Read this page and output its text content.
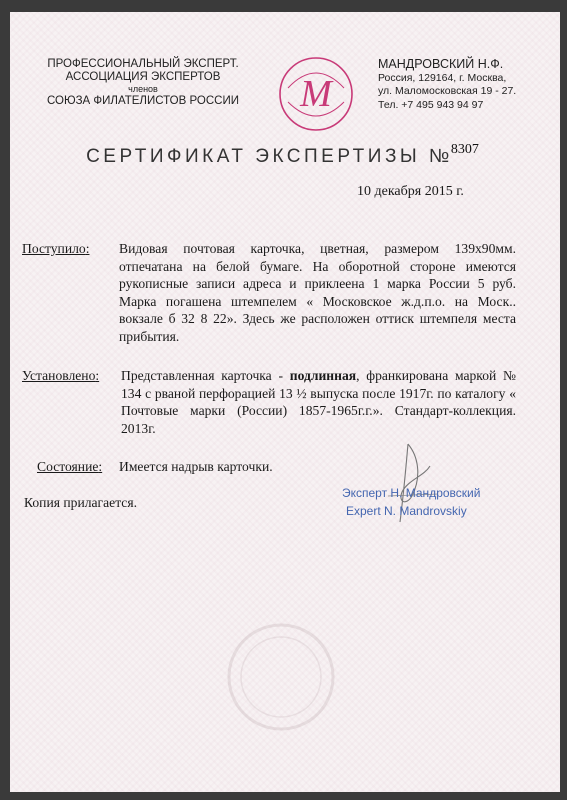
ПРОФЕССИОНАЛЬНЫЙ ЭКСПЕРТ.
АССОЦИАЦИЯ ЭКСПЕРТОВ
членов
СОЮЗА ФИЛАТЕЛИСТОВ РОССИИ	М
МАНДРОВСКИЙ Н.Ф.
Россия, 129164, г. Москва,
ул. Маломосковская 19 - 27.
Тел. +7 495 943 94 97
СЕРТИФИКАТ ЭКСПЕРТИЗЫ №$^{8307}$
10 декабря 2015 г.
Поступило: Видовая почтовая карточка, цветная, размером 139х90мм. отпечатана на белой бумаге. На оборотной стороне имеются рукописные записи адреса и приклеена 1 марка России 5 руб. Марка погашена штемпелем « Московское ж.д.п.о. на Моск.. вокзале б 32 8 22». Здесь же расположен оттиск штемпеля места прибытия.
Установлено: Представленная карточка - подлинная, франкирована маркой № 134 с рваной перфорацией 13 ½ выпуска после 1917г. по каталогу « Почтовые марки (России) 1857-1965г.г.». Стандарт-коллекция. 2013г.
Состояние: Имеется надрыв карточки.
Копия прилагается.
Эксперт Н. Мандровский
Expert N. Mandrovskiy
